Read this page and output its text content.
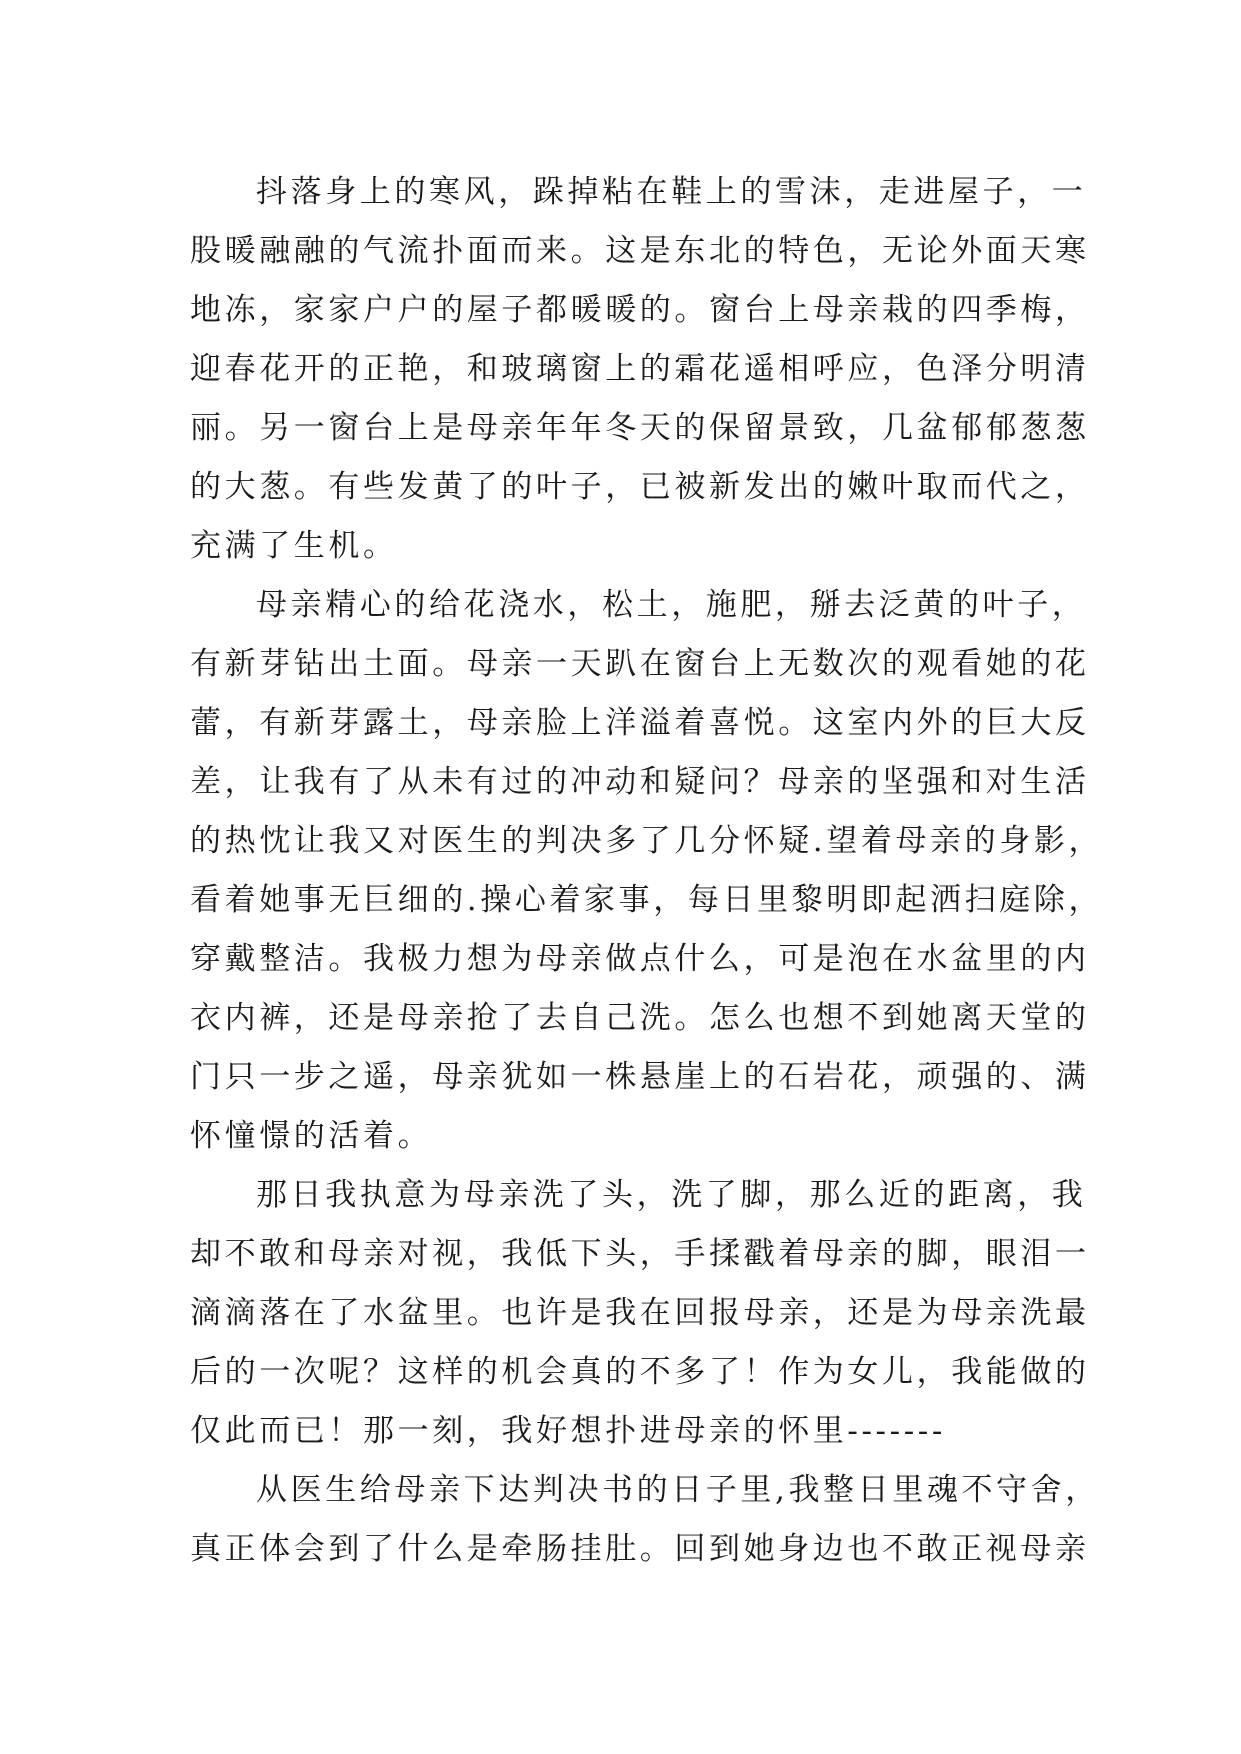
抖落身上的寒风，跺掉粘在鞋上的雪沫，走进屋子，一
股暖融融的气流扑面而来。这是东北的特色，无论外面天寒
地冻，家家户户的屋子都暖暖的。窗台上母亲栽的四季梅，
迎春花开的正艳，和玻璃窗上的霜花遥相呼应，色泽分明清
丽。另一窗台上是母亲年年冬天的保留景致，几盆郁郁葱葱
的大葱。有些发黄了的叶子，已被新发出的嫩叶取而代之，
充满了生机。
母亲精心的给花浇水，松土，施肥，掰去泛黄的叶子，
有新芽钻出土面。母亲一天趴在窗台上无数次的观看她的花
蕾，有新芽露土，母亲脸上洋溢着喜悦。这室内外的巨大反
差，让我有了从未有过的冲动和疑问？母亲的坚强和对生活
的热忱让我又对医生的判决多了几分怀疑.望着母亲的身影，
看着她事无巨细的.操心着家事，每日里黎明即起洒扫庭除，
穿戴整洁。我极力想为母亲做点什么，可是泡在水盆里的内
衣内裤，还是母亲抢了去自己洗。怎么也想不到她离天堂的
门只一步之遥，母亲犹如一株悬崖上的石岩花，顽强的、满
怀憧憬的活着。
那日我执意为母亲洗了头，洗了脚，那么近的距离，我
却不敢和母亲对视，我低下头，手揉戳着母亲的脚，眼泪一
滴滴落在了水盆里。也许是我在回报母亲，还是为母亲洗最
后的一次呢？这样的机会真的不多了！作为女儿，我能做的
仅此而已！那一刻，我好想扑进母亲的怀里-------
从医生给母亲下达判决书的日子里,我整日里魂不守舍，
真正体会到了什么是牵肠挂肚。回到她身边也不敢正视母亲
